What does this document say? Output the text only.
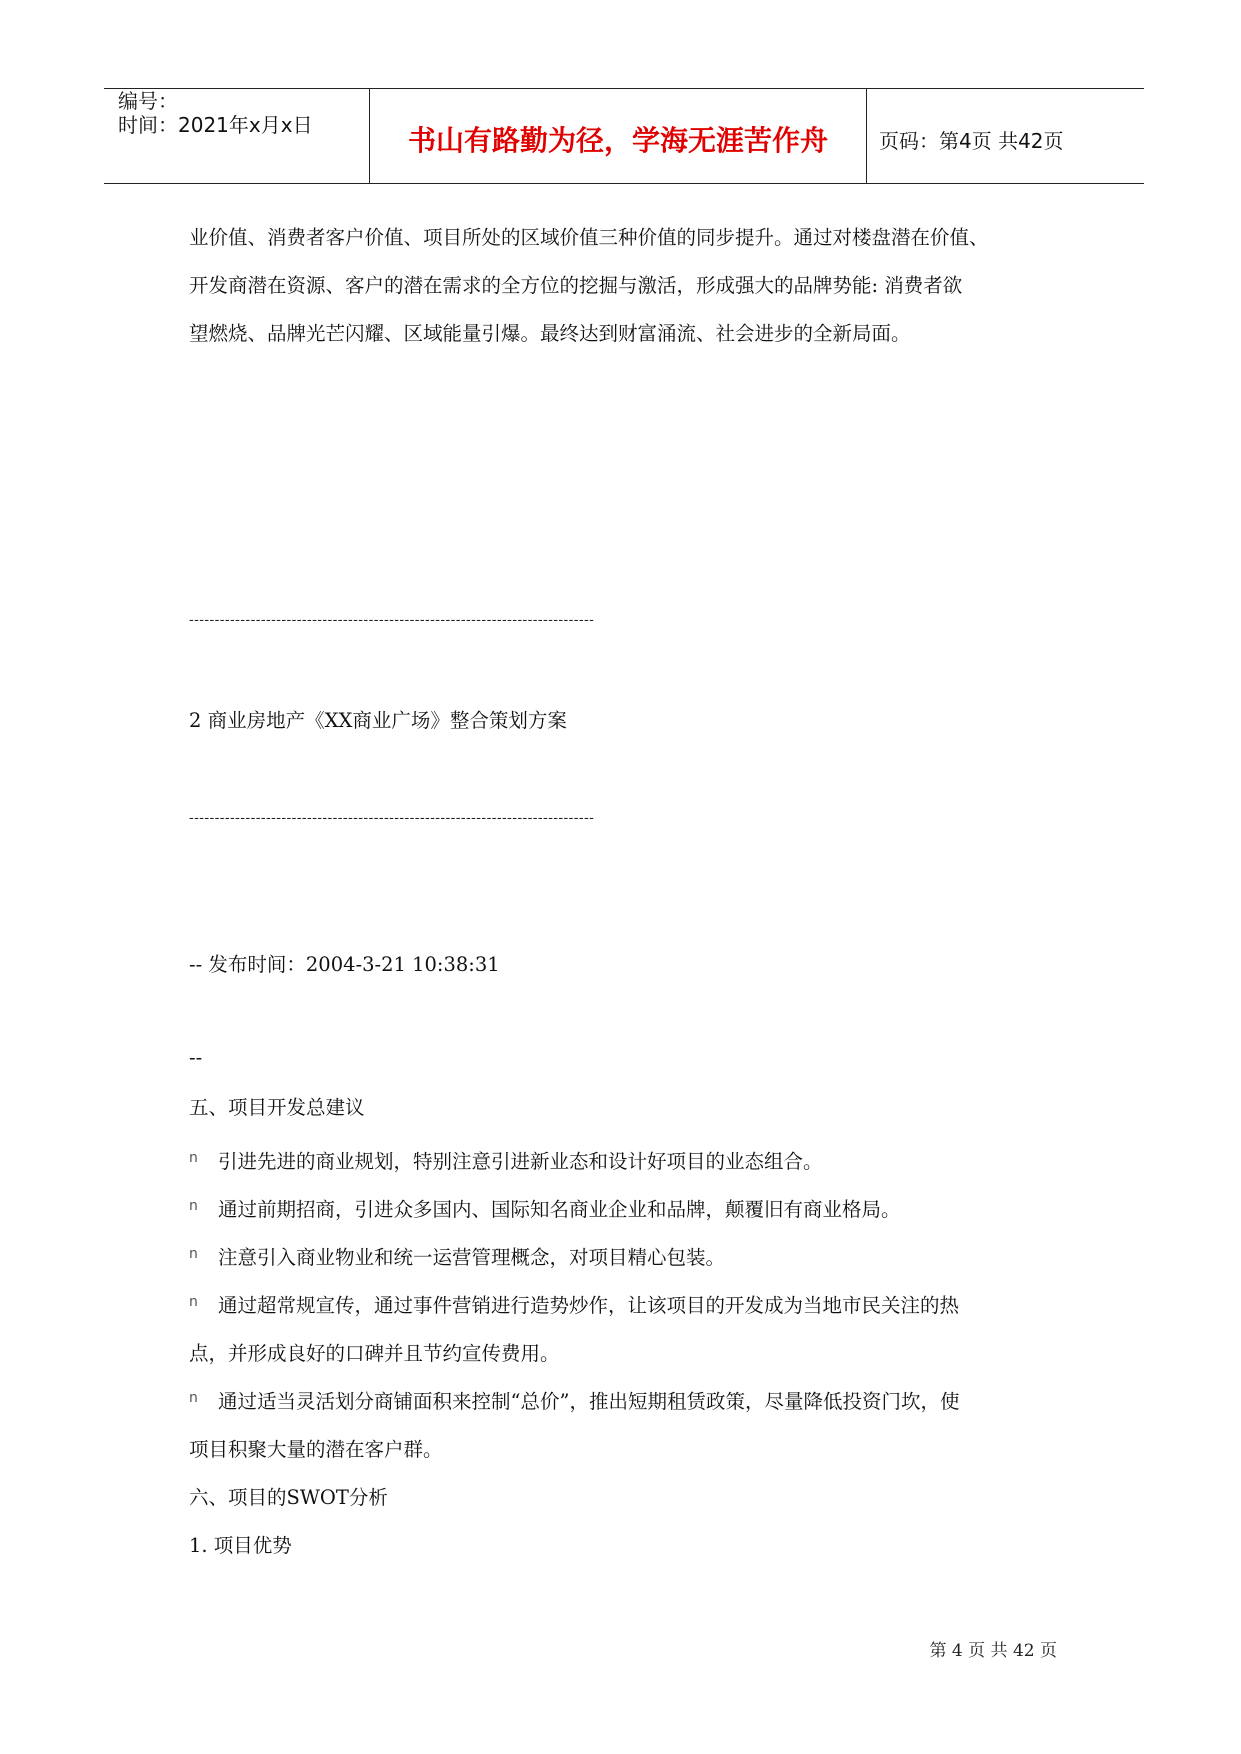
编号：
时间：2021年x月x日	书山有路勤为径，学海无涯苦作舟	页码：第4页 共42页
业价值、消费者客户价值、项目所处的区域价值三种价值的同步提升。通过对楼盘潜在价值、
开发商潜在资源、客户的潜在需求的全方位的挖掘与激活，形成强大的品牌势能: 消费者欲
望燃烧、品牌光芒闪耀、区域能量引爆。最终达到财富涌流、社会进步的全新局面。
-------------------------------------------------------------------------------
2 商业房地产《XX商业广场》整合策划方案
-------------------------------------------------------------------------------
-- 发布时间：2004-3-21 10:38:31
--
五、项目开发总建议
n 引进先进的商业规划，特别注意引进新业态和设计好项目的业态组合。
n 通过前期招商，引进众多国内、国际知名商业企业和品牌，颠覆旧有商业格局。
n 注意引入商业物业和统一运营管理概念，对项目精心包装。
n 通过超常规宣传，通过事件营销进行造势炒作，让该项目的开发成为当地市民关注的热
点，并形成良好的口碑并且节约宣传费用。
n 通过适当灵活划分商铺面积来控制“总价”，推出短期租赁政策，尽量降低投资门坎，使
项目积聚大量的潜在客户群。
六、项目的SWOT分析
1. 项目优势
第 4 页 共 42 页
